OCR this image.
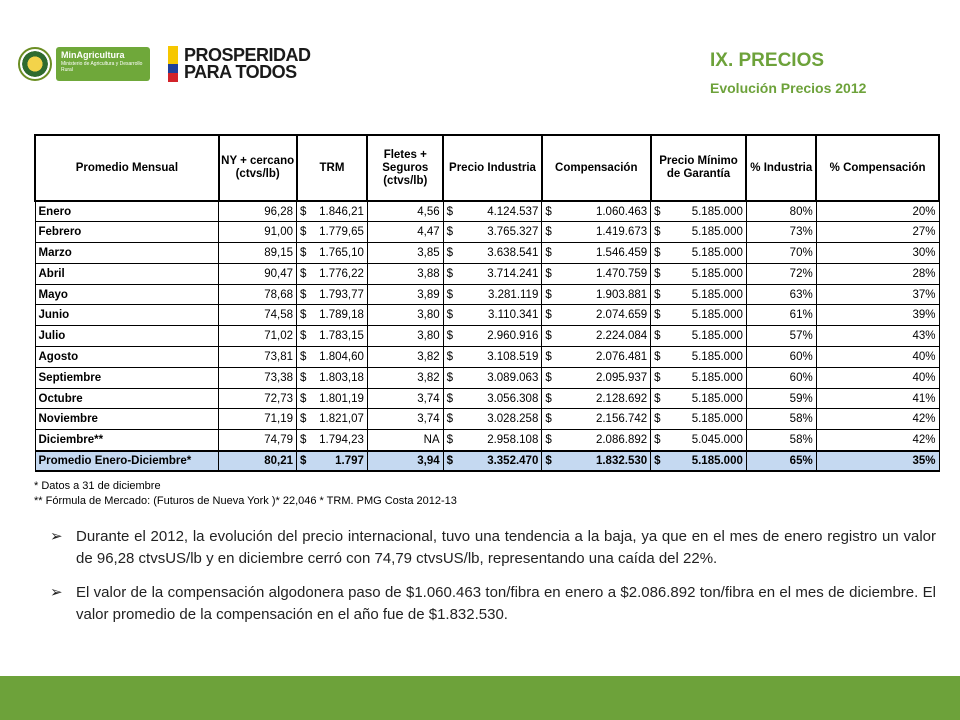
MinAgricultura
Ministerio de Agricultura y Desarrollo Rural
PROSPERIDAD
PARA TODOS
IX. PRECIOS
Evolución Precios 2012
Promedio Mensual	NY + cercano (ctvs/lb)	TRM		Fletes + Seguros (ctvs/lb)	Precio Industria		Compensación		Precio Mínimo de Garantía		% Industria	% Compensación
Enero	96,28	$	1.846,21	4,56	$	4.124.537	$	1.060.463	$	5.185.000	80%	20%
Febrero	91,00	$	1.779,65	4,47	$	3.765.327	$	1.419.673	$	5.185.000	73%	27%
Marzo	89,15	$	1.765,10	3,85	$	3.638.541	$	1.546.459	$	5.185.000	70%	30%
Abril	90,47	$	1.776,22	3,88	$	3.714.241	$	1.470.759	$	5.185.000	72%	28%
Mayo	78,68	$	1.793,77	3,89	$	3.281.119	$	1.903.881	$	5.185.000	63%	37%
Junio	74,58	$	1.789,18	3,80	$	3.110.341	$	2.074.659	$	5.185.000	61%	39%
Julio	71,02	$	1.783,15	3,80	$	2.960.916	$	2.224.084	$	5.185.000	57%	43%
Agosto	73,81	$	1.804,60	3,82	$	3.108.519	$	2.076.481	$	5.185.000	60%	40%
Septiembre	73,38	$	1.803,18	3,82	$	3.089.063	$	2.095.937	$	5.185.000	60%	40%
Octubre	72,73	$	1.801,19	3,74	$	3.056.308	$	2.128.692	$	5.185.000	59%	41%
Noviembre	71,19	$	1.821,07	3,74	$	3.028.258	$	2.156.742	$	5.185.000	58%	42%
Diciembre**	74,79	$	1.794,23	NA	$	2.958.108	$	2.086.892	$	5.045.000	58%	42%
Promedio Enero-Diciembre*	80,21	$	1.797	3,94	$	3.352.470	$	1.832.530	$	5.185.000	65%	35%
* Datos a 31 de diciembre
** Fórmula de Mercado: (Futuros de Nueva York )* 22,046 * TRM. PMG Costa 2012-13
➢ Durante el 2012, la evolución del precio internacional, tuvo una tendencia a la baja, ya que en el mes de enero registro un valor de 96,28 ctvsUS/lb y en diciembre cerró con 74,79 ctvsUS/lb, representando una caída del 22%.
➢ El valor de la compensación algodonera paso de $1.060.463 ton/fibra en enero a $2.086.892 ton/fibra en el mes de diciembre. El valor promedio de la compensación en el año fue de $1.832.530.
